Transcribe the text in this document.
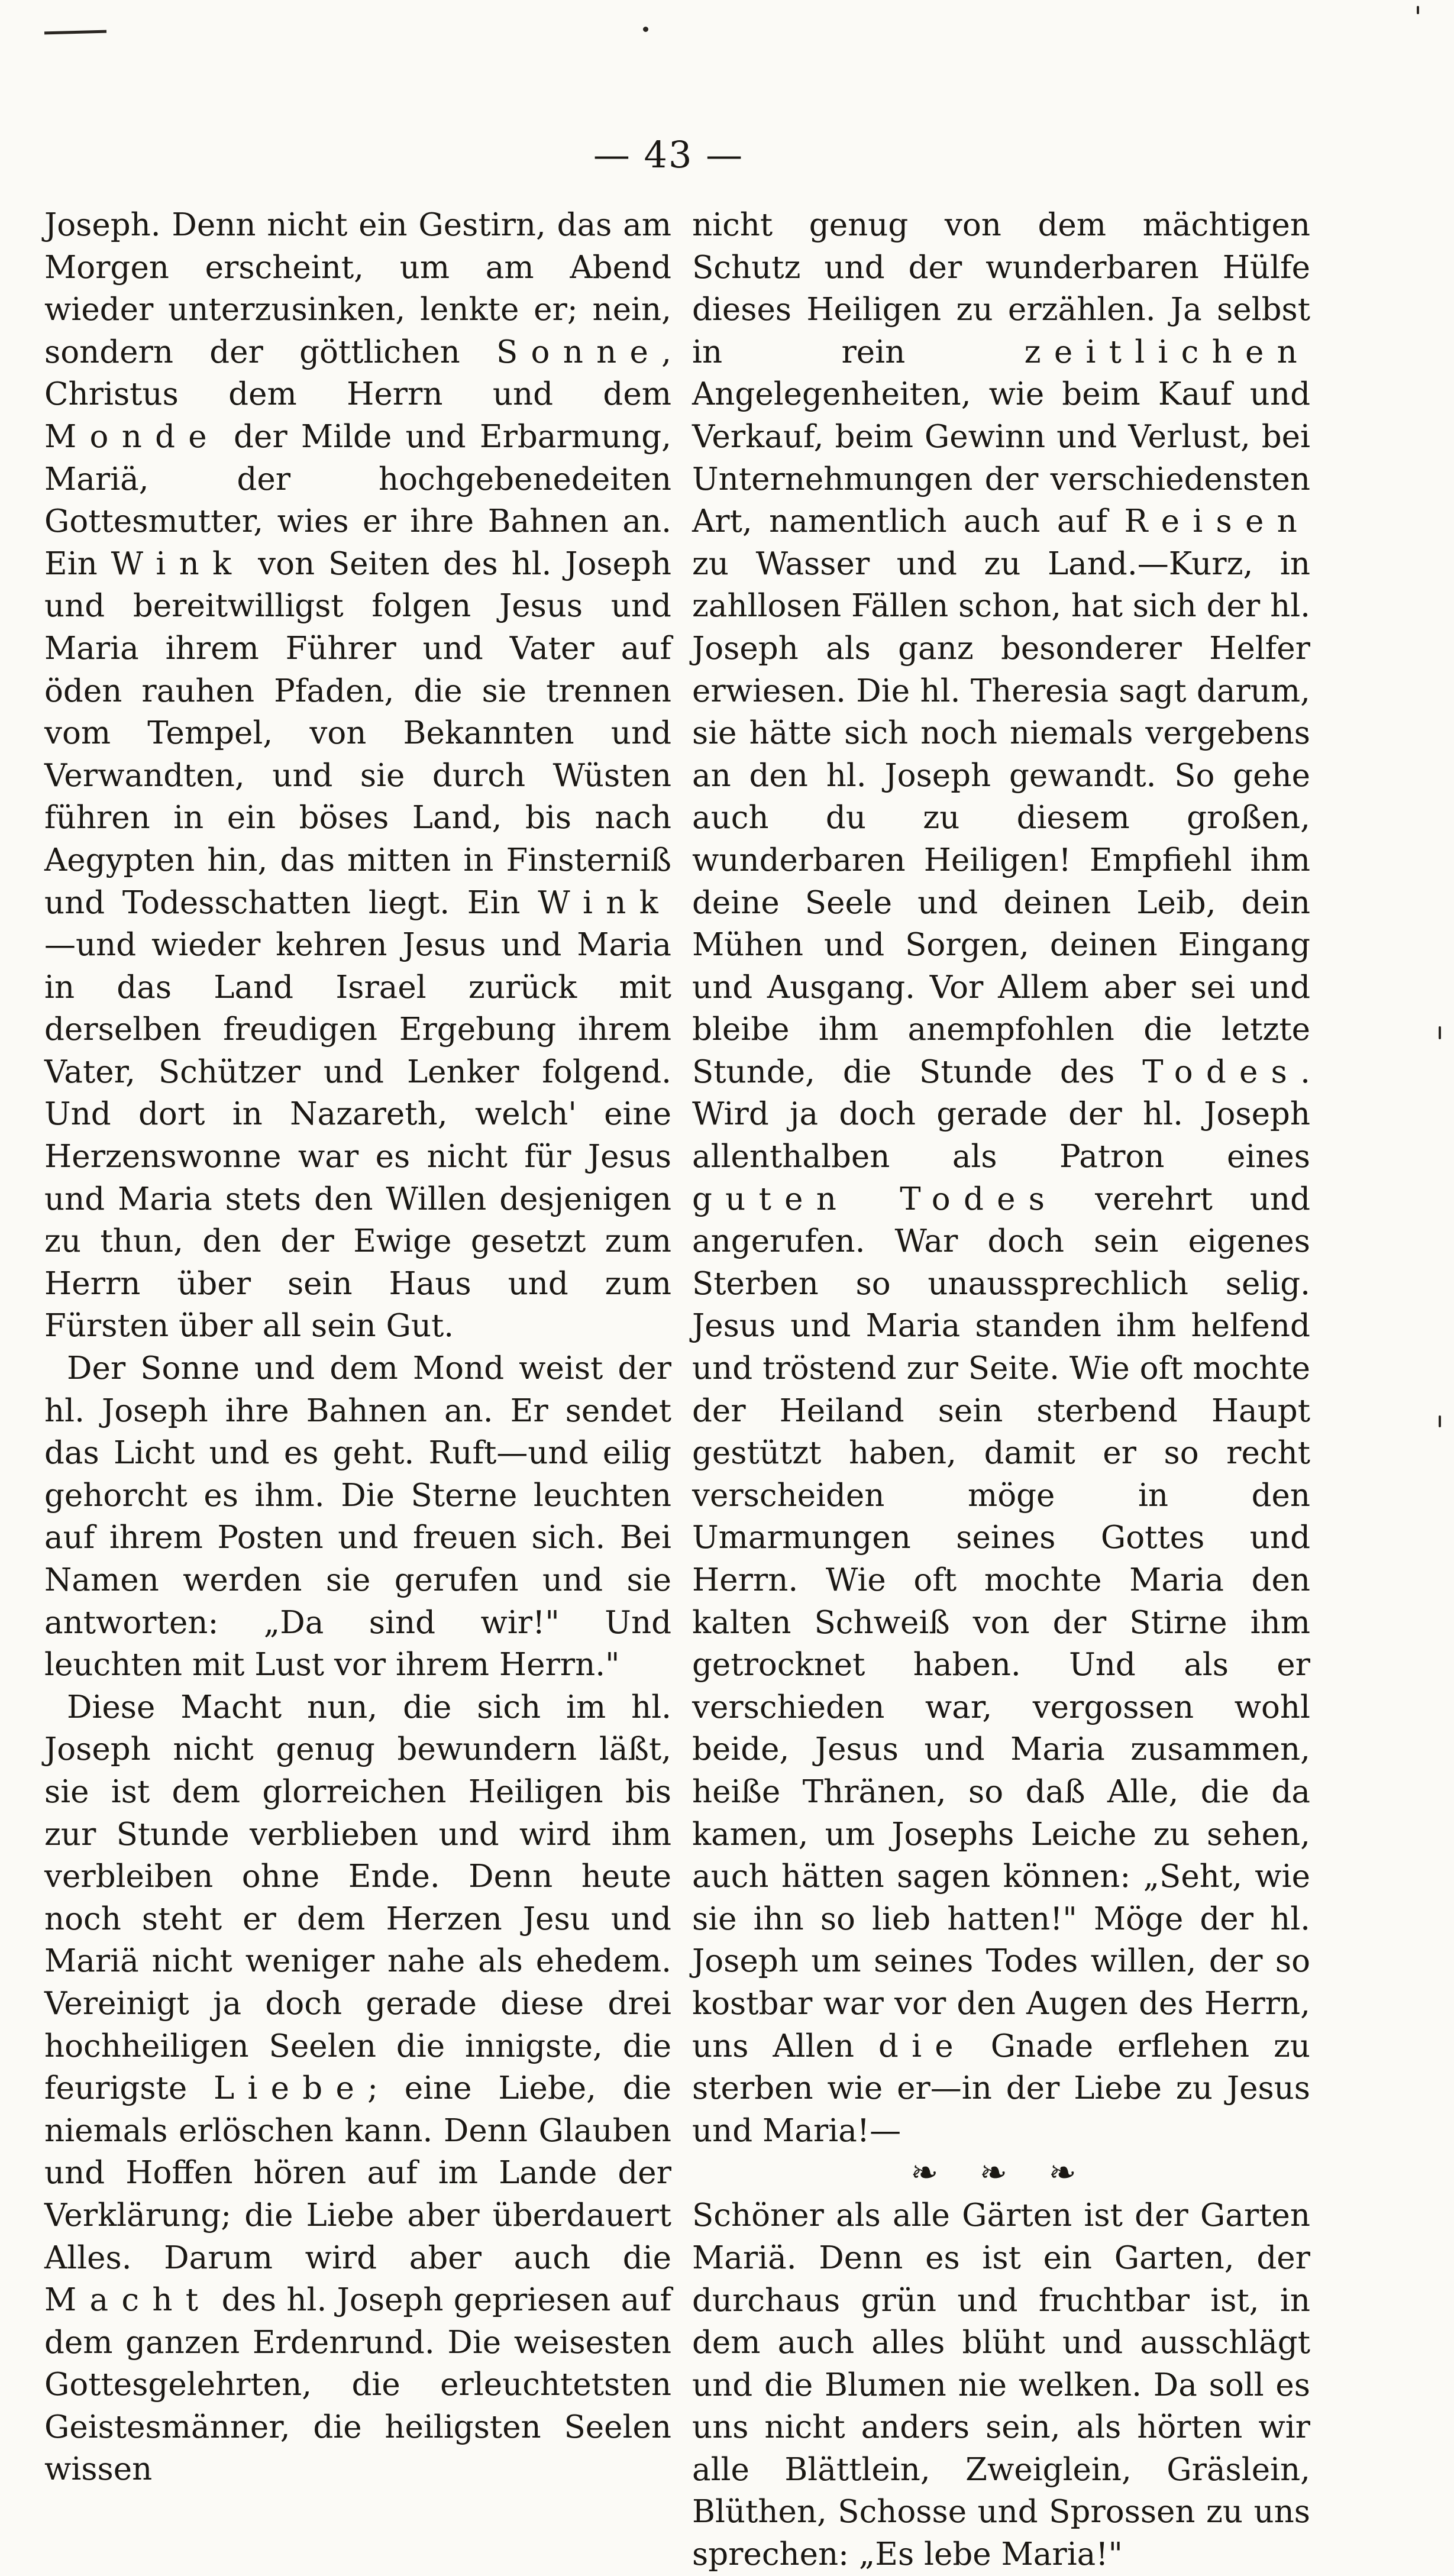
— 43 —

Joseph. Denn nicht ein Gestirn, das am Morgen erscheint, um am Abend wieder unterzusinken, lenkte er; nein, sondern der göttlichen Sonne, Christus dem Herrn und dem Monde der Milde und Erbarmung, Mariä, der hochgebenedeiten Gottesmutter, wies er ihre Bahnen an. Ein Wink von Seiten des hl. Joseph und bereitwilligst folgen Jesus und Maria ihrem Führer und Vater auf öden rauhen Pfaden, die sie trennen vom Tempel, von Bekannten und Verwandten, und sie durch Wüsten führen in ein böses Land, bis nach Aegypten hin, das mitten in Finsterniß und Todesschatten liegt. Ein Wink—und wieder kehren Jesus und Maria in das Land Israel zurück mit derselben freudigen Ergebung ihrem Vater, Schützer und Lenker folgend. Und dort in Nazareth, welch' eine Herzenswonne war es nicht für Jesus und Maria stets den Willen desjenigen zu thun, den der Ewige gesetzt zum Herrn über sein Haus und zum Fürsten über all sein Gut.

Der Sonne und dem Mond weist der hl. Joseph ihre Bahnen an. Er sendet das Licht und es geht. Ruft—und eilig gehorcht es ihm. Die Sterne leuchten auf ihrem Posten und freuen sich. Bei Namen werden sie gerufen und sie antworten: „Da sind wir!" Und leuchten mit Lust vor ihrem Herrn."

Diese Macht nun, die sich im hl. Joseph nicht genug bewundern läßt, sie ist dem glorreichen Heiligen bis zur Stunde verblieben und wird ihm verbleiben ohne Ende. Denn heute noch steht er dem Herzen Jesu und Mariä nicht weniger nahe als ehedem. Vereinigt ja doch gerade diese drei hochheiligen Seelen die innigste, die feurigste Liebe; eine Liebe, die niemals erlöschen kann. Denn Glauben und Hoffen hören auf im Lande der Verklärung; die Liebe aber überdauert Alles. Darum wird aber auch die Macht des hl. Joseph gepriesen auf dem ganzen Erdenrund. Die weisesten Gottesgelehrten, die erleuchtetsten Geistesmänner, die heiligsten Seelen wissen

nicht genug von dem mächtigen Schutz und der wunderbaren Hülfe dieses Heiligen zu erzählen. Ja selbst in rein zeitlichen Angelegenheiten, wie beim Kauf und Verkauf, beim Gewinn und Verlust, bei Unternehmungen der verschiedensten Art, namentlich auch auf Reisen zu Wasser und zu Land.—Kurz, in zahllosen Fällen schon, hat sich der hl. Joseph als ganz besonderer Helfer erwiesen. Die hl. Theresia sagt darum, sie hätte sich noch niemals vergebens an den hl. Joseph gewandt. So gehe auch du zu diesem großen, wunderbaren Heiligen! Empfiehl ihm deine Seele und deinen Leib, dein Mühen und Sorgen, deinen Eingang und Ausgang. Vor Allem aber sei und bleibe ihm anempfohlen die letzte Stunde, die Stunde des Todes. Wird ja doch gerade der hl. Joseph allenthalben als Patron eines guten Todes verehrt und angerufen. War doch sein eigenes Sterben so unaussprechlich selig. Jesus und Maria standen ihm helfend und tröstend zur Seite. Wie oft mochte der Heiland sein sterbend Haupt gestützt haben, damit er so recht verscheiden möge in den Umarmungen seines Gottes und Herrn. Wie oft mochte Maria den kalten Schweiß von der Stirne ihm getrocknet haben. Und als er verschieden war, vergossen wohl beide, Jesus und Maria zusammen, heiße Thränen, so daß Alle, die da kamen, um Josephs Leiche zu sehen, auch hätten sagen können: „Seht, wie sie ihn so lieb hatten!" Möge der hl. Joseph um seines Todes willen, der so kostbar war vor den Augen des Herrn, uns Allen die Gnade erflehen zu sterben wie er—in der Liebe zu Jesus und Maria!—

❧ ❧ ❧

Schöner als alle Gärten ist der Garten Mariä. Denn es ist ein Garten, der durchaus grün und fruchtbar ist, in dem auch alles blüht und ausschlägt und die Blumen nie welken. Da soll es uns nicht anders sein, als hörten wir alle Blättlein, Zweiglein, Gräslein, Blüthen, Schosse und Sprossen zu uns sprechen: „Es lebe Maria!"
